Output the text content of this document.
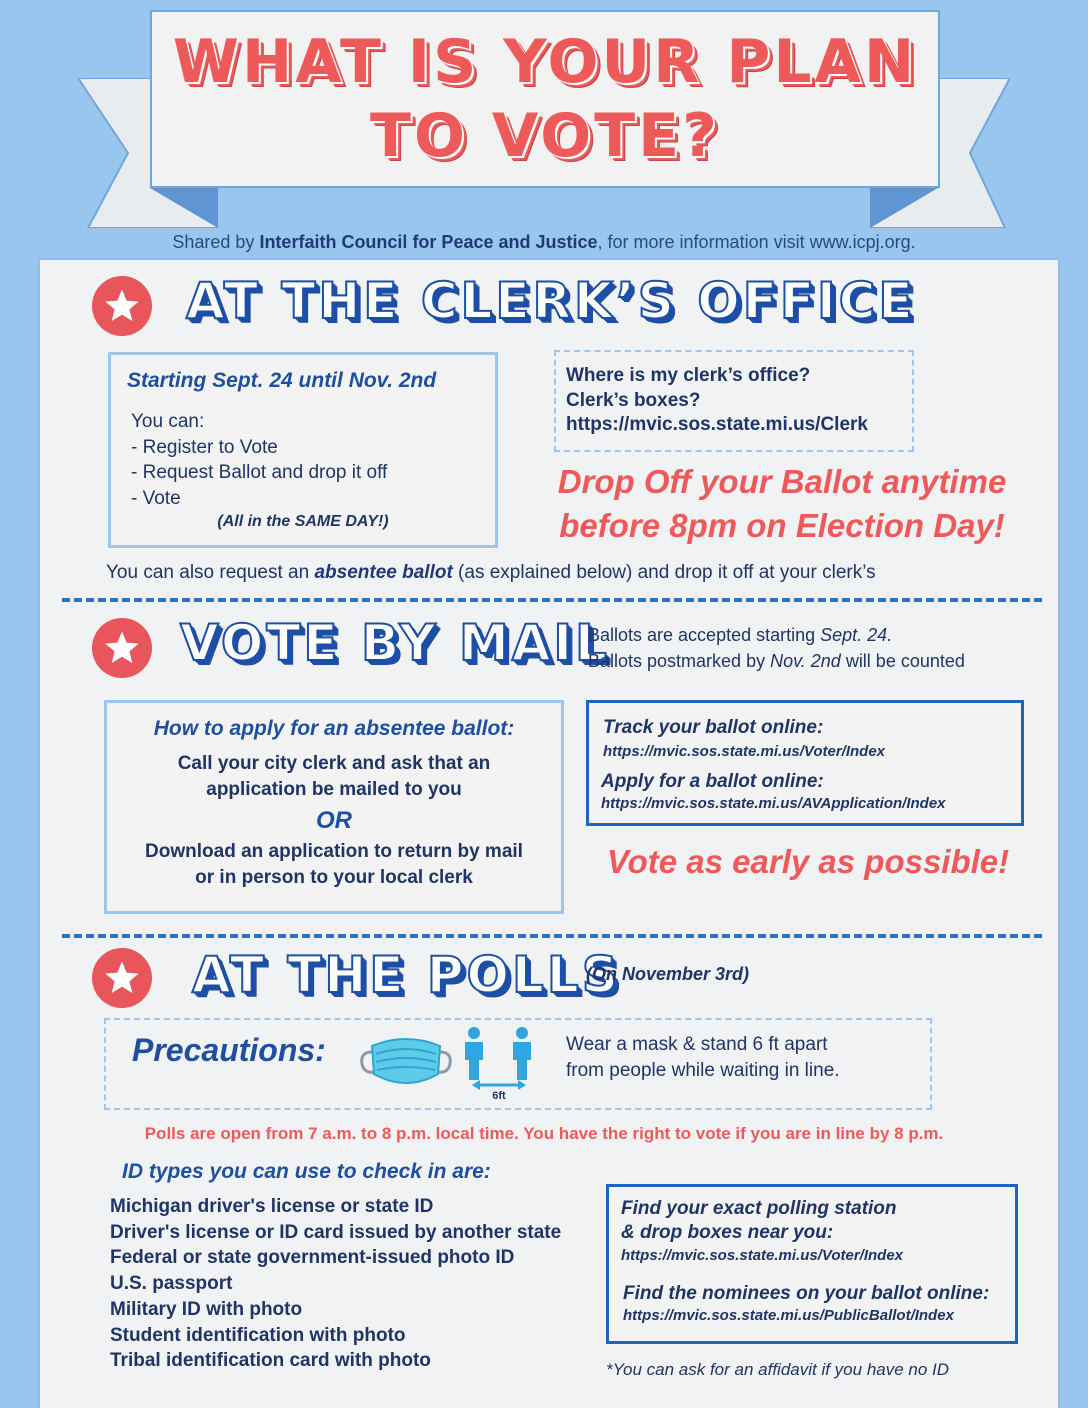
WHAT IS YOUR PLAN
TO VOTE?
Shared by Interfaith Council for Peace and Justice, for more information visit www.icpj.org.
AT THE CLERK’S OFFICE
Starting Sept. 24 until Nov. 2nd
You can:
- Register to Vote
- Request Ballot and drop it off
- Vote
(All in the SAME DAY!)
Where is my clerk’s office?
Clerk’s boxes?
https://mvic.sos.state.mi.us/Clerk
Drop Off your Ballot anytime
before 8pm on Election Day!
You can also request an absentee ballot (as explained below) and drop it off at your clerk’s
VOTE BY MAIL
Ballots are accepted starting Sept. 24.
Ballots postmarked by Nov. 2nd will be counted
How to apply for an absentee ballot:
Call your city clerk and ask that an
application be mailed to you
OR
Download an application to return by mail
or in person to your local clerk
Track your ballot online:
https://mvic.sos.state.mi.us/Voter/Index
Apply for a ballot online:
https://mvic.sos.state.mi.us/AVApplication/Index
Vote as early as possible!
AT THE POLLS
(On November 3rd)
Precautions:
6ft
Wear a mask & stand 6 ft apart
from people while waiting in line.
Polls are open from 7 a.m. to 8 p.m. local time. You have the right to vote if you are in line by 8 p.m.
ID types you can use to check in are:
Michigan driver's license or state ID
Driver's license or ID card issued by another state
Federal or state government-issued photo ID
U.S. passport
Military ID with photo
Student identification with photo
Tribal identification card with photo
Find your exact polling station
& drop boxes near you:
https://mvic.sos.state.mi.us/Voter/Index
Find the nominees on your ballot online:
https://mvic.sos.state.mi.us/PublicBallot/Index
*You can ask for an affidavit if you have no ID
